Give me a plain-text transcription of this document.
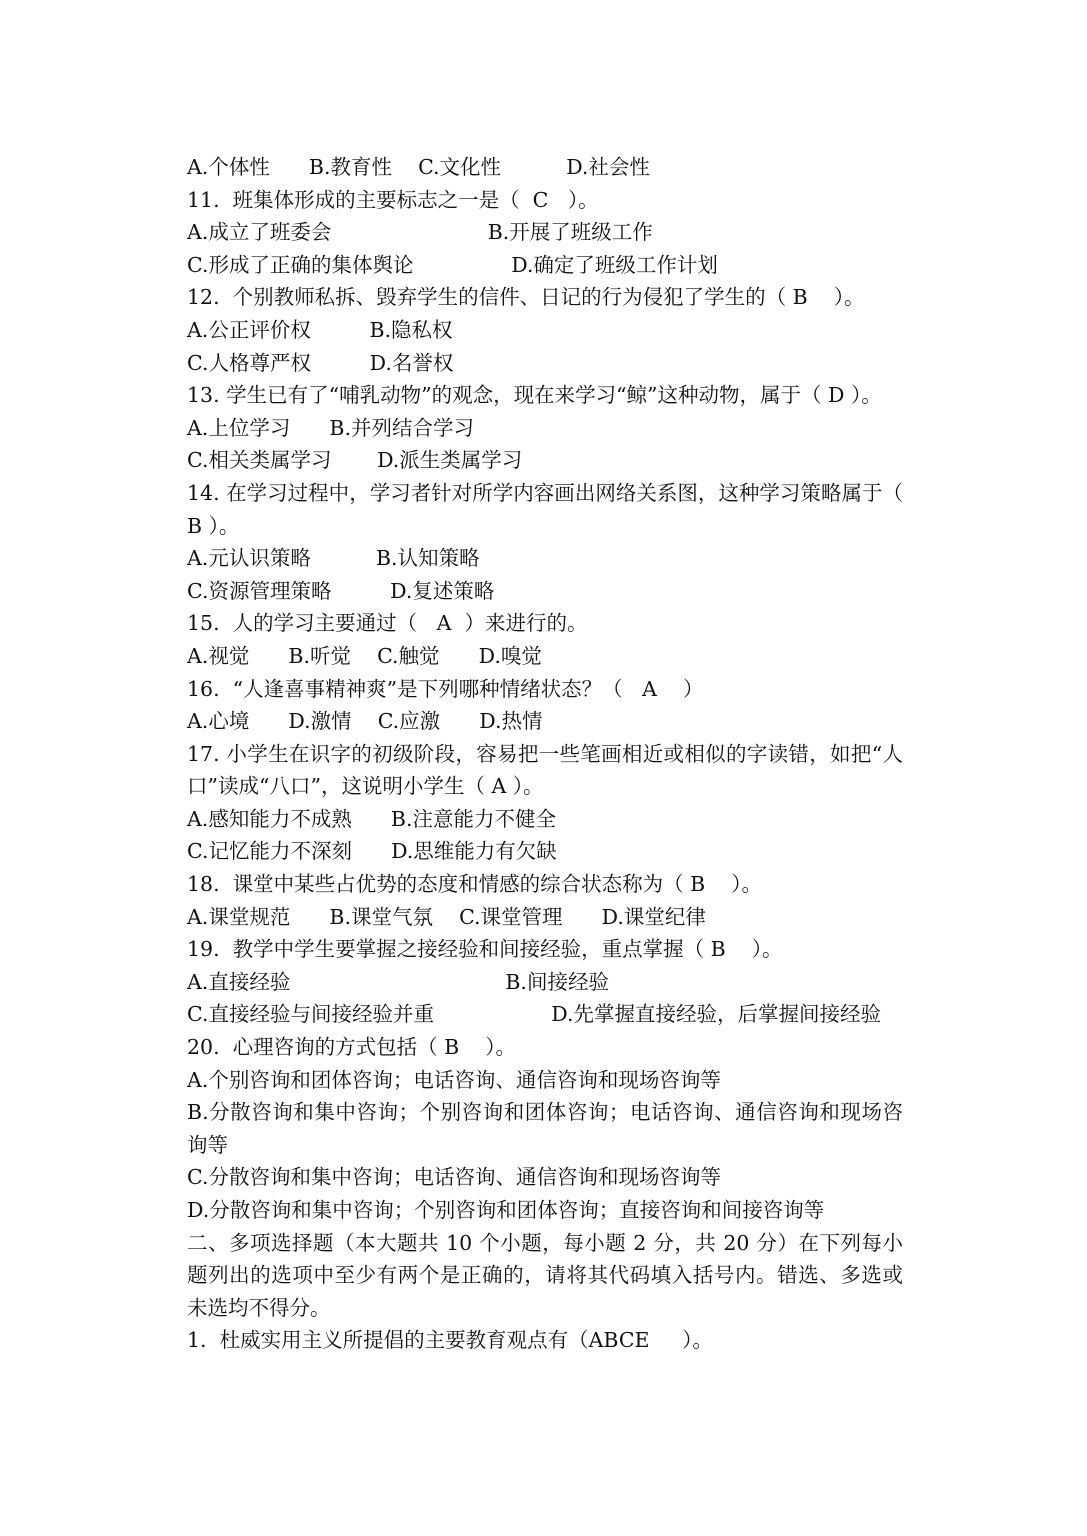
A.个体性      B.教育性    C.文化性          D.社会性
11.  班集体形成的主要标志之一是（  C   ）。
A.成立了班委会                        B.开展了班级工作
C.形成了正确的集体舆论               D.确定了班级工作计划
12.  个别教师私拆、毁弃学生的信件、日记的行为侵犯了学生的（ B    ）。
A.公正评价权         B.隐私权
C.人格尊严权         D.名誉权
13. 学生已有了“哺乳动物”的观念，现在来学习“鲸”这种动物，属于（ D ）。
A.上位学习      B.并列结合学习
C.相关类属学习       D.派生类属学习
14. 在学习过程中，学习者针对所学内容画出网络关系图，这种学习策略属于（ B ）。
A.元认识策略          B.认知策略
C.资源管理策略         D.复述策略
15.  人的学习主要通过（   A  ）来进行的。
A.视觉      B.听觉    C.触觉      D.嗅觉
16.  “人逢喜事精神爽”是下列哪种情绪状态？（   A    ）
A.心境      D.激情    C.应激      D.热情
17. 小学生在识字的初级阶段，容易把一些笔画相近或相似的字读错，如把“人口”读成“八口”，这说明小学生（ A ）。
A.感知能力不成熟      B.注意能力不健全
C.记忆能力不深刻      D.思维能力有欠缺
18.  课堂中某些占优势的态度和情感的综合状态称为（ B    ）。
A.课堂规范      B.课堂气氛    C.课堂管理      D.课堂纪律
19.  教学中学生要掌握之接经验和间接经验，重点掌握（ B    ）。
A.直接经验                                 B.间接经验
C.直接经验与间接经验并重                  D.先掌握直接经验，后掌握间接经验
20.  心理咨询的方式包括（ B    ）。
A.个别咨询和团体咨询；电话咨询、通信咨询和现场咨询等
B.分散咨询和集中咨询；个别咨询和团体咨询；电话咨询、通信咨询和现场咨询等
C.分散咨询和集中咨询；电话咨询、通信咨询和现场咨询等
D.分散咨询和集中咨询；个别咨询和团体咨询；直接咨询和间接咨询等
二、多项选择题（本大题共 10 个小题，每小题 2 分，共 20 分）在下列每小题列出的选项中至少有两个是正确的，请将其代码填入括号内。错选、多选或未选均不得分。
1.  杜威实用主义所提倡的主要教育观点有（ABCE     ）。
